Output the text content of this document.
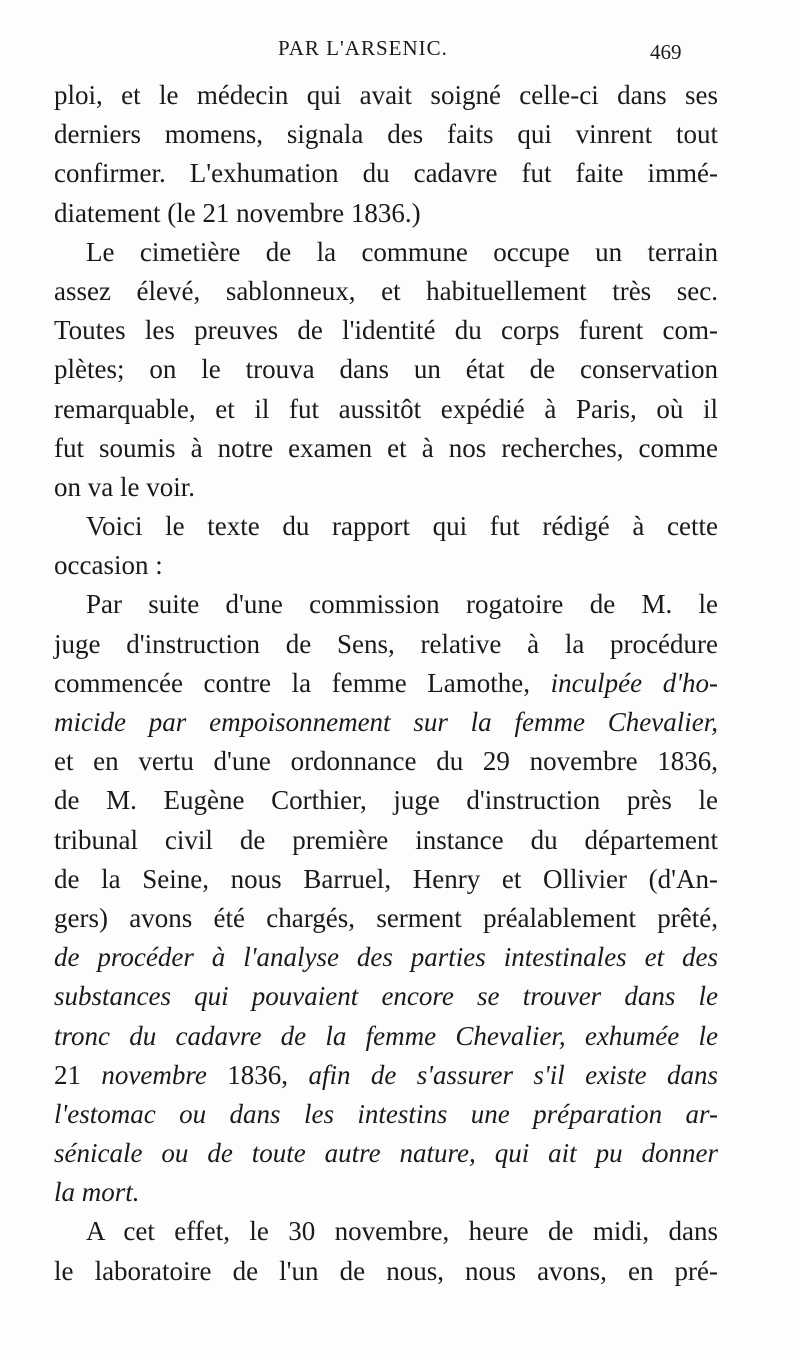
PAR L'ARSENIC.	469
ploi, et le médecin qui avait soigné celle-ci dans ses
derniers momens, signala des faits qui vinrent tout
confirmer. L'exhumation du cadavre fut faite immé-
diatement (le 21 novembre 1836.)
Le cimetière de la commune occupe un terrain
assez élevé, sablonneux, et habituellement très sec.
Toutes les preuves de l'identité du corps furent com-
plètes; on le trouva dans un état de conservation
remarquable, et il fut aussitôt expédié à Paris, où il
fut soumis à notre examen et à nos recherches, comme
on va le voir.
Voici le texte du rapport qui fut rédigé à cette
occasion :
Par suite d'une commission rogatoire de M. le
juge d'instruction de Sens, relative à la procédure
commencée contre la femme Lamothe, inculpée d'ho-
micide par empoisonnement sur la femme Chevalier,
et en vertu d'une ordonnance du 29 novembre 1836,
de M. Eugène Corthier, juge d'instruction près le
tribunal civil de première instance du département
de la Seine, nous Barruel, Henry et Ollivier (d'An-
gers) avons été chargés, serment préalablement prêté,
de procéder à l'analyse des parties intestinales et des
substances qui pouvaient encore se trouver dans le
tronc du cadavre de la femme Chevalier, exhumée le
21 novembre 1836, afin de s'assurer s'il existe dans
l'estomac ou dans les intestins une préparation ar-
sénicale ou de toute autre nature, qui ait pu donner
la mort.
A cet effet, le 30 novembre, heure de midi, dans
le laboratoire de l'un de nous, nous avons, en pré-
